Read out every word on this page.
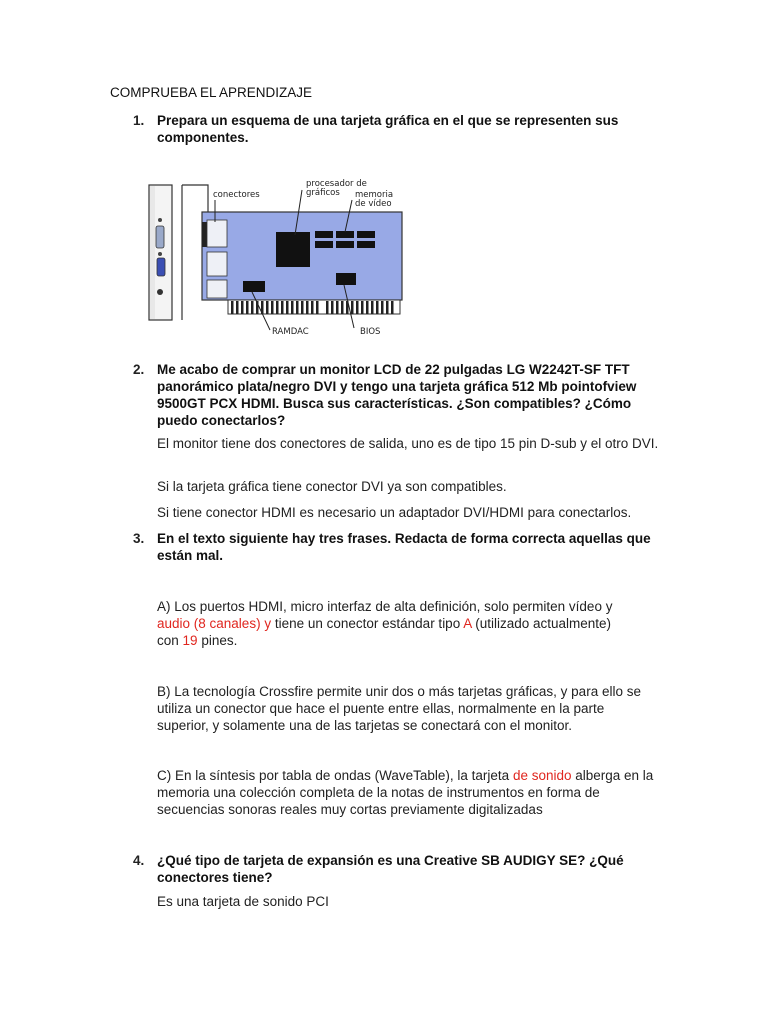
COMPRUEBA EL APRENDIZAJE
1. Prepara un esquema de una tarjeta gráfica en el que se representen sus componentes.
conectores
procesador de
gráficos memoria
de vídeo
RAMDAC	BIOS
2. Me acabo de comprar un monitor LCD de 22 pulgadas LG W2242T-SF TFT panorámico plata/negro DVI y tengo una tarjeta gráfica 512 Mb pointofview 9500GT PCX HDMI. Busca sus características. ¿Son compatibles? ¿Cómo puedo conectarlos?
El monitor tiene dos conectores de salida, uno es de tipo 15 pin D-sub y el otro DVI.
Si la tarjeta gráfica tiene conector DVI ya son compatibles.
Si tiene conector HDMI es necesario un adaptador DVI/HDMI para conectarlos.
3. En el texto siguiente hay tres frases. Redacta de forma correcta aquellas que están mal.
A) Los puertos HDMI, micro interfaz de alta definición, solo permiten vídeo y
audio (8 canales) y tiene un conector estándar tipo A (utilizado actualmente)
con 19 pines.
B) La tecnología Crossfire permite unir dos o más tarjetas gráficas, y para ello se utiliza un conector que hace el puente entre ellas, normalmente en la parte superior, y solamente una de las tarjetas se conectará con el monitor.
C) En la síntesis por tabla de ondas (WaveTable), la tarjeta de sonido alberga en la memoria una colección completa de la notas de instrumentos en forma de secuencias sonoras reales muy cortas previamente digitalizadas
4. ¿Qué tipo de tarjeta de expansión es una Creative SB AUDIGY SE? ¿Qué conectores tiene?
Es una tarjeta de sonido PCI
